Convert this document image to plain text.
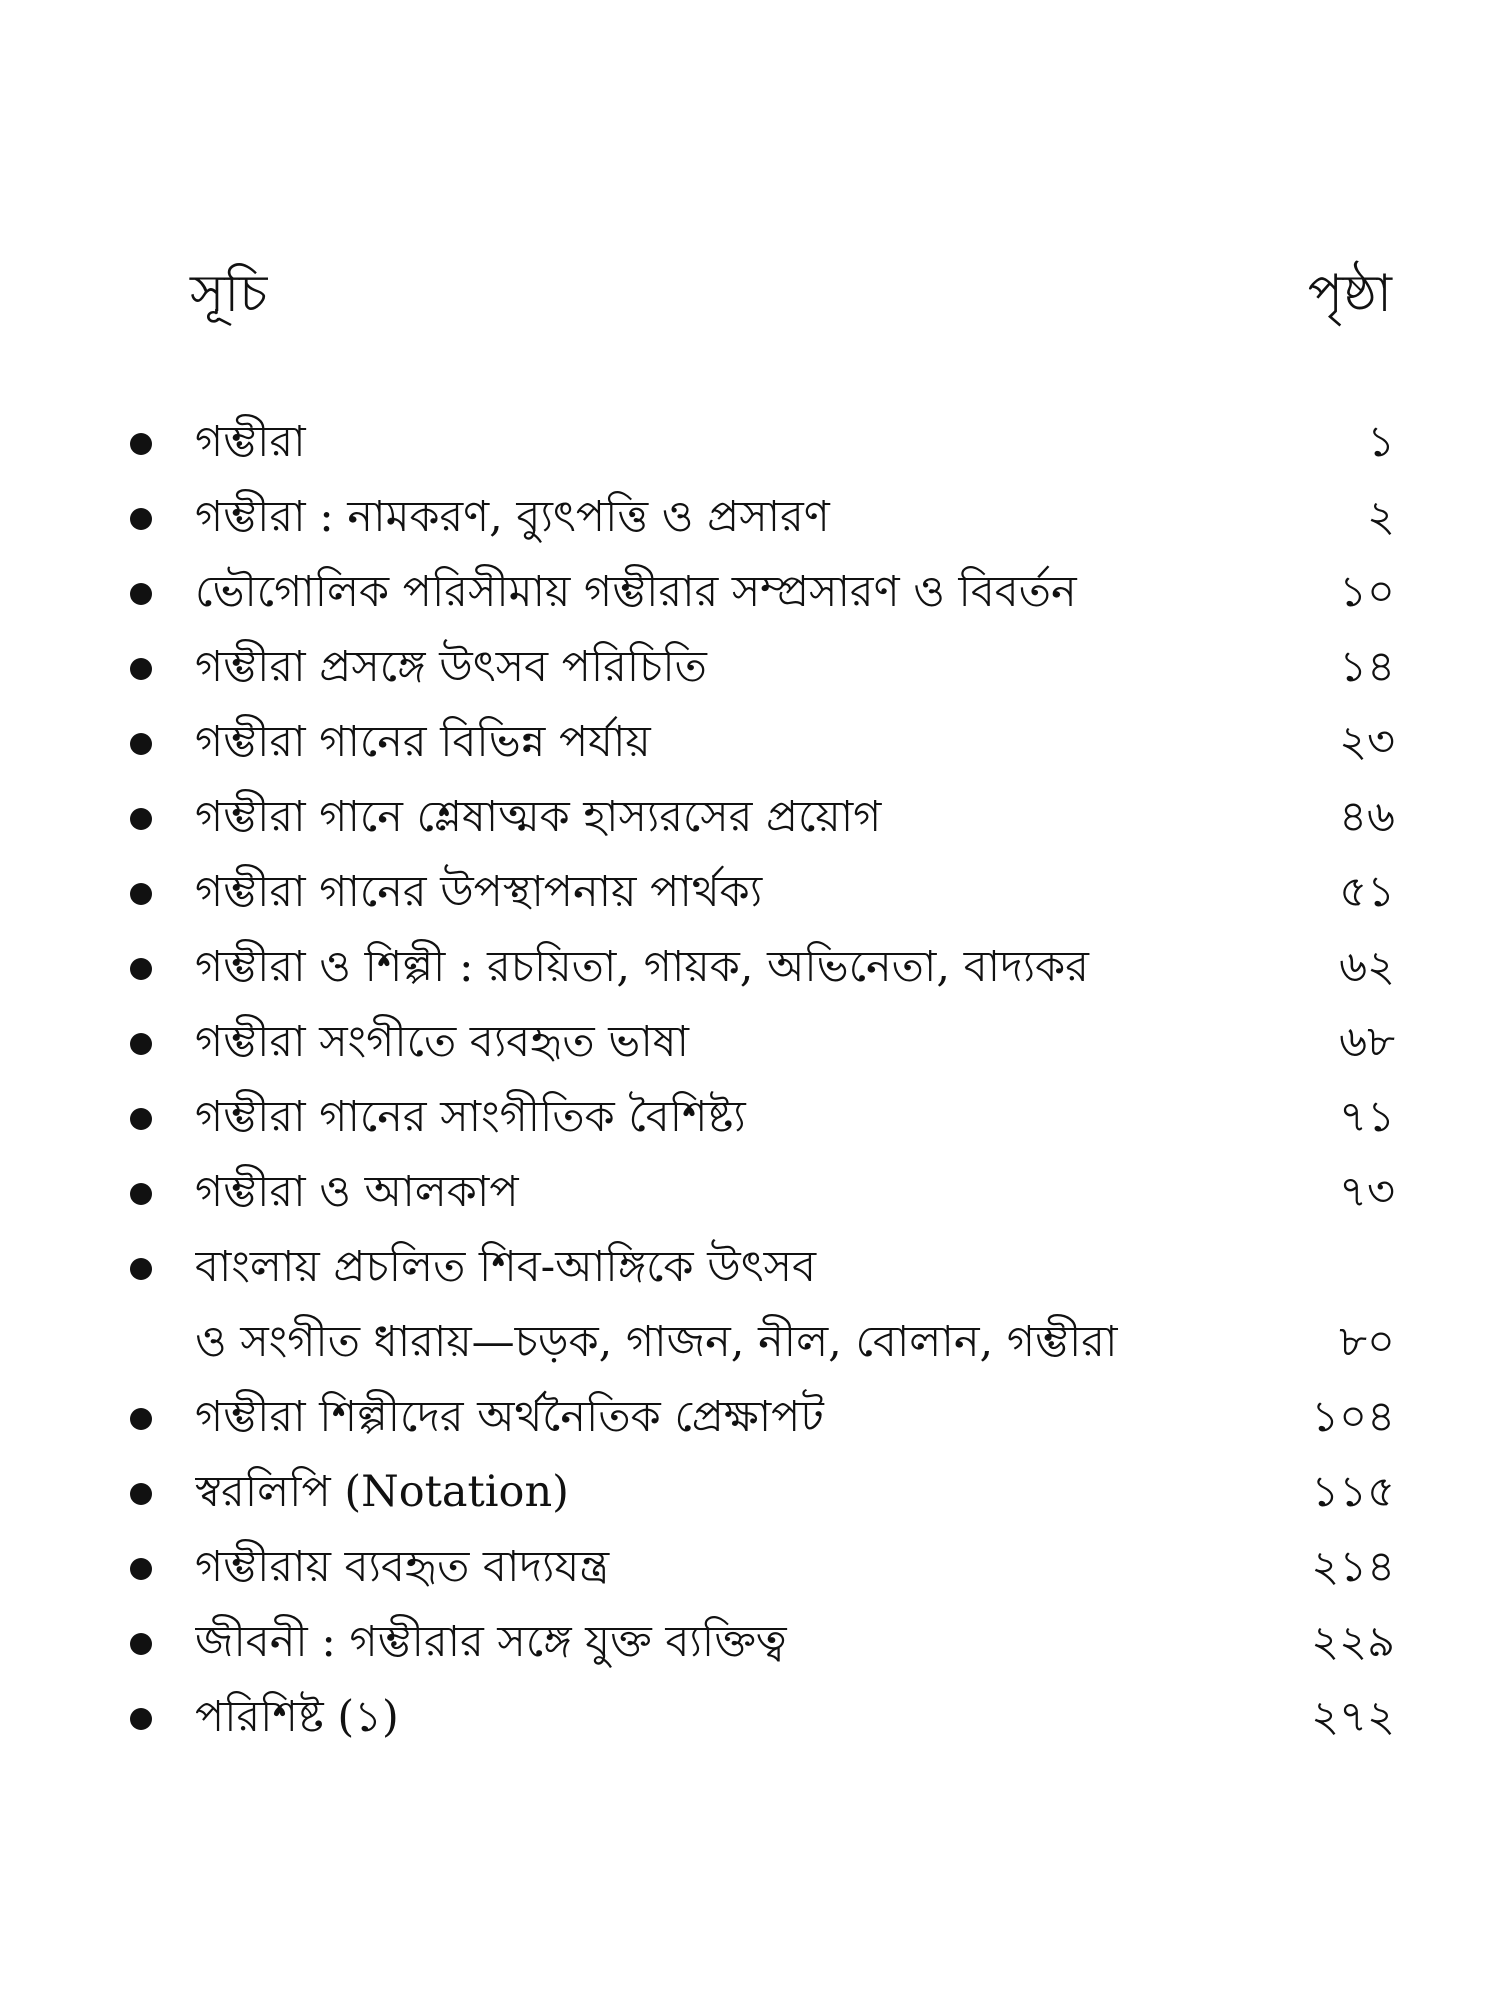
সূচি	পৃষ্ঠা
গম্ভীরা	১
গম্ভীরা : নামকরণ, ব্যুৎপত্তি ও প্রসারণ	২
ভৌগোলিক পরিসীমায় গম্ভীরার সম্প্রসারণ ও বিবর্তন	১০
গম্ভীরা প্রসঙ্গে উৎসব পরিচিতি	১৪
গম্ভীরা গানের বিভিন্ন পর্যায়	২৩
গম্ভীরা গানে শ্লেষাত্মক হাস্যরসের প্রয়োগ	৪৬
গম্ভীরা গানের উপস্থাপনায় পার্থক্য	৫১
গম্ভীরা ও শিল্পী : রচয়িতা, গায়ক, অভিনেতা, বাদ্যকর	৬২
গম্ভীরা সংগীতে ব্যবহৃত ভাষা	৬৮
গম্ভীরা গানের সাংগীতিক বৈশিষ্ট্য	৭১
গম্ভীরা ও আলকাপ	৭৩
বাংলায় প্রচলিত শিব-আঙ্গিকে উৎসব
ও সংগীত ধারায়—চড়ক, গাজন, নীল, বোলান, গম্ভীরা	৮০
গম্ভীরা শিল্পীদের অর্থনৈতিক প্রেক্ষাপট	১০৪
স্বরলিপি (Notation)	১১৫
গম্ভীরায় ব্যবহৃত বাদ্যযন্ত্র	২১৪
জীবনী : গম্ভীরার সঙ্গে যুক্ত ব্যক্তিত্ব	২২৯
পরিশিষ্ট (১)	২৭২
